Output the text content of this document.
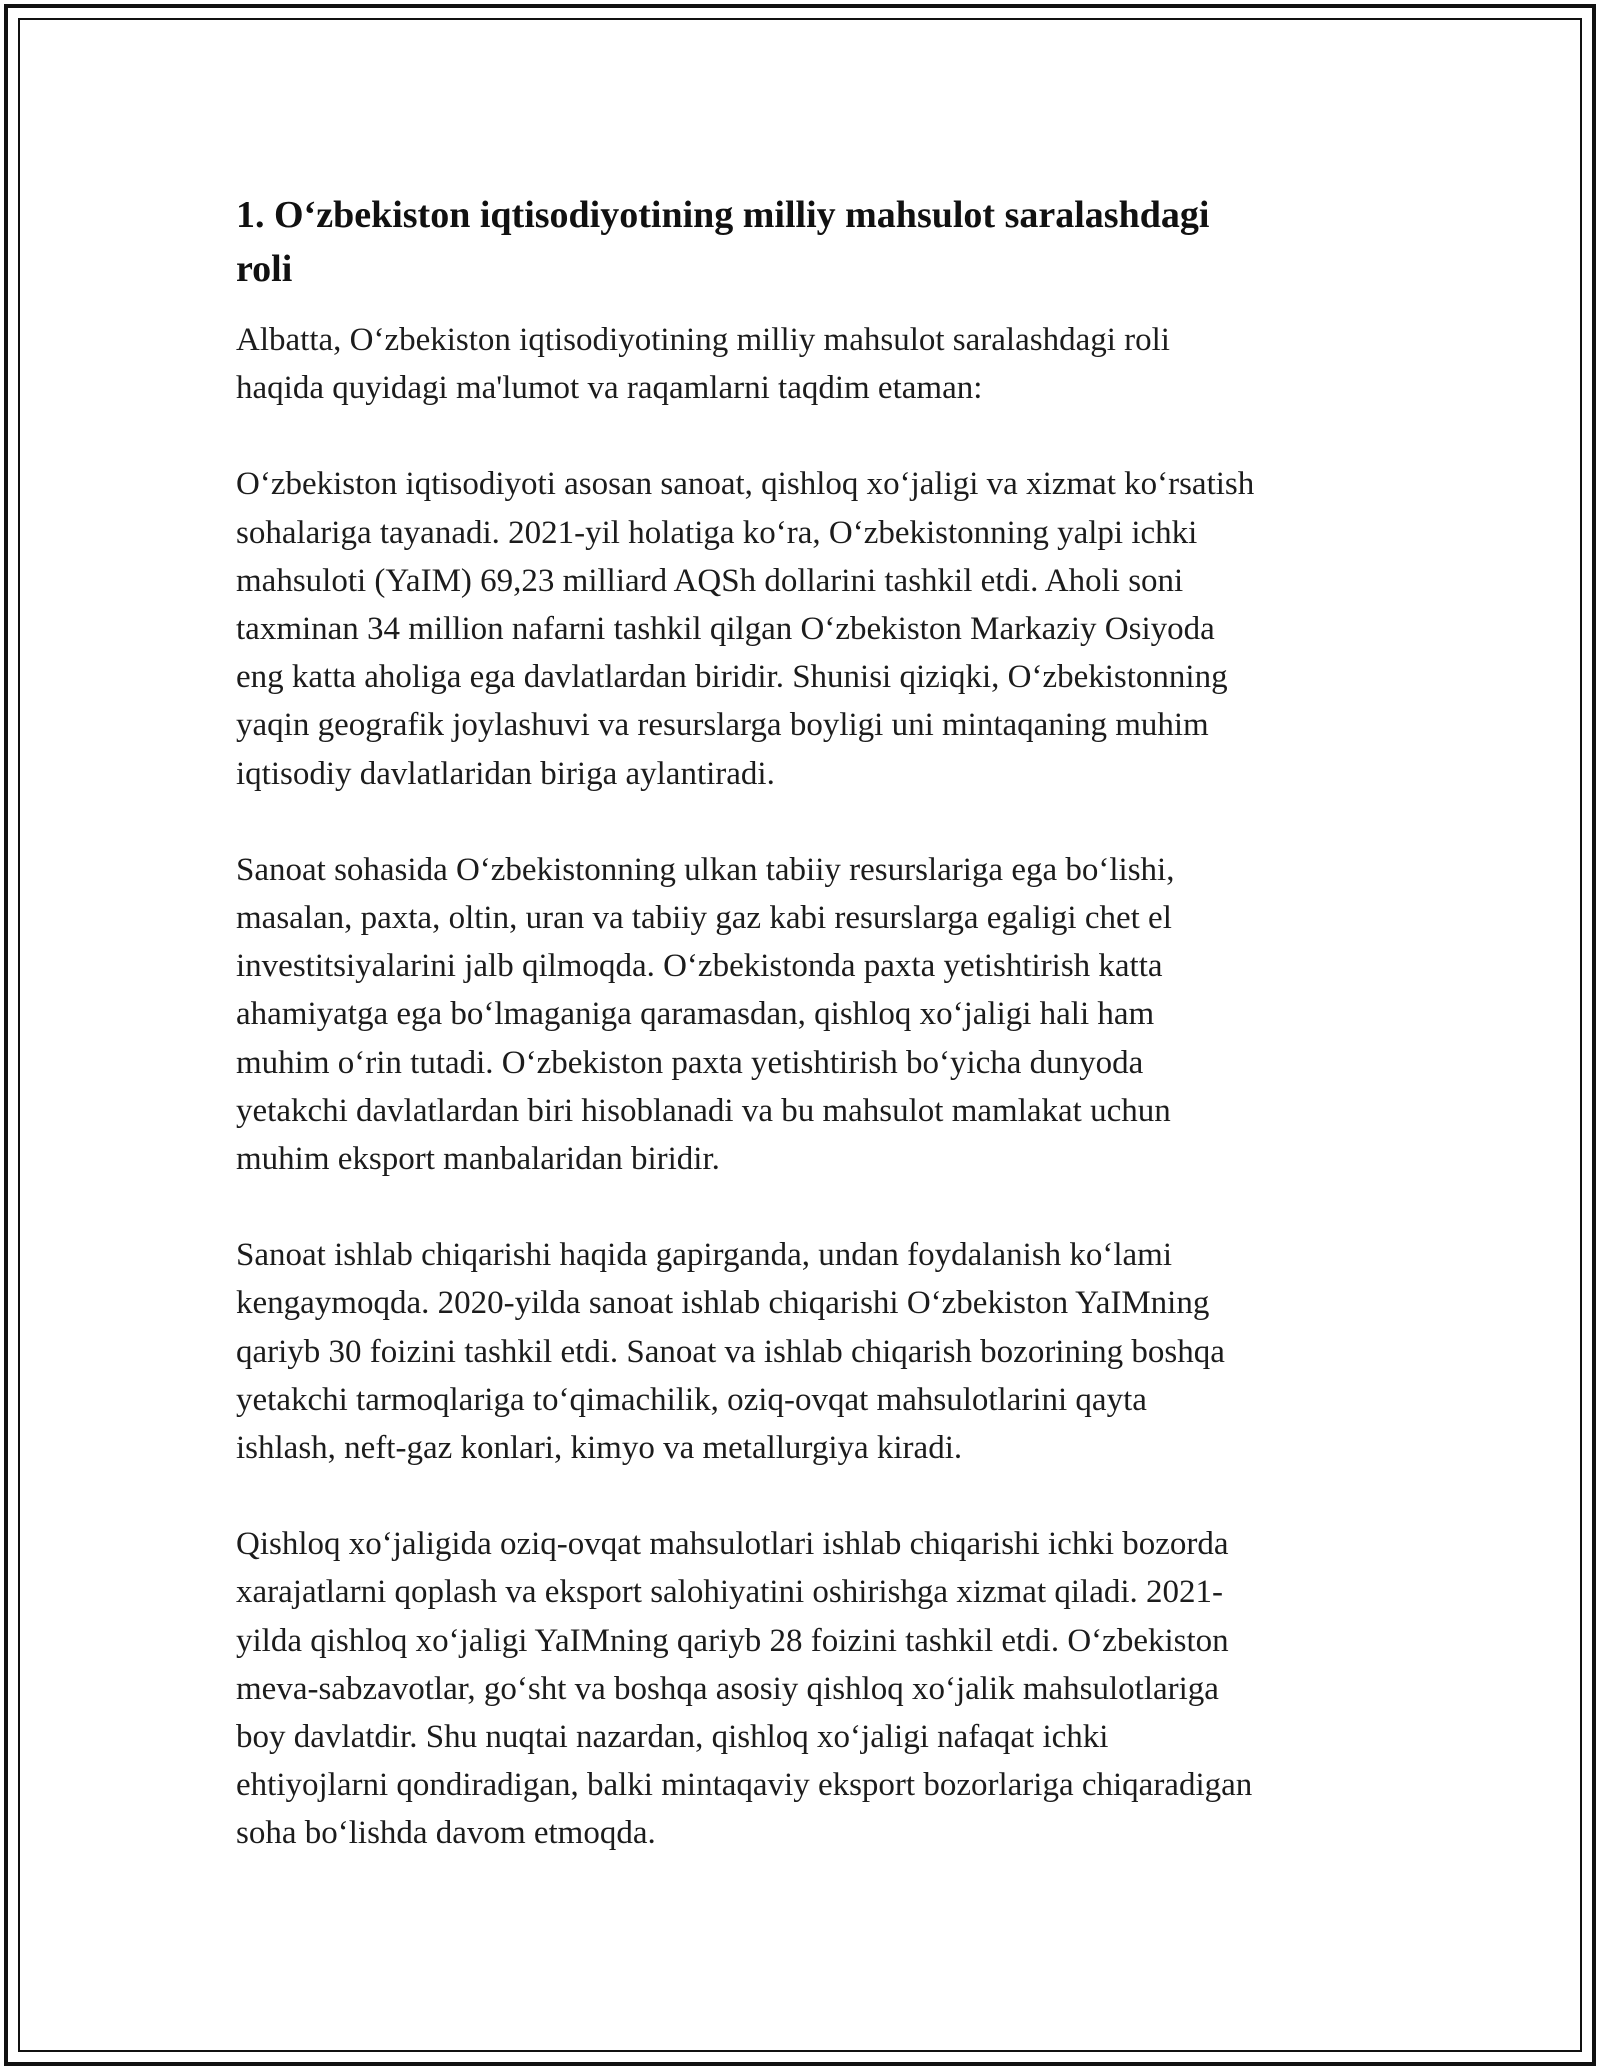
1. O‘zbekiston iqtisodiyotining milliy mahsulot saralashdagi
roli

Albatta, O‘zbekiston iqtisodiyotining milliy mahsulot saralashdagi roli
haqida quyidagi ma'lumot va raqamlarni taqdim etaman:

O‘zbekiston iqtisodiyoti asosan sanoat, qishloq xo‘jaligi va xizmat ko‘rsatish
sohalariga tayanadi. 2021-yil holatiga ko‘ra, O‘zbekistonning yalpi ichki
mahsuloti (YaIM) 69,23 milliard AQSh dollarini tashkil etdi. Aholi soni
taxminan 34 million nafarni tashkil qilgan O‘zbekiston Markaziy Osiyoda
eng katta aholiga ega davlatlardan biridir. Shunisi qiziqki, O‘zbekistonning
yaqin geografik joylashuvi va resurslarga boyligi uni mintaqaning muhim
iqtisodiy davlatlaridan biriga aylantiradi.

Sanoat sohasida O‘zbekistonning ulkan tabiiy resurslariga ega bo‘lishi,
masalan, paxta, oltin, uran va tabiiy gaz kabi resurslarga egaligi chet el
investitsiyalarini jalb qilmoqda. O‘zbekistonda paxta yetishtirish katta
ahamiyatga ega bo‘lmaganiga qaramasdan, qishloq xo‘jaligi hali ham
muhim o‘rin tutadi. O‘zbekiston paxta yetishtirish bo‘yicha dunyoda
yetakchi davlatlardan biri hisoblanadi va bu mahsulot mamlakat uchun
muhim eksport manbalaridan biridir.

Sanoat ishlab chiqarishi haqida gapirganda, undan foydalanish ko‘lami
kengaymoqda. 2020-yilda sanoat ishlab chiqarishi O‘zbekiston YaIMning
qariyb 30 foizini tashkil etdi. Sanoat va ishlab chiqarish bozorining boshqa
yetakchi tarmoqlariga to‘qimachilik, oziq-ovqat mahsulotlarini qayta
ishlash, neft-gaz konlari, kimyo va metallurgiya kiradi.

Qishloq xo‘jaligida oziq-ovqat mahsulotlari ishlab chiqarishi ichki bozorda
xarajatlarni qoplash va eksport salohiyatini oshirishga xizmat qiladi. 2021-
yilda qishloq xo‘jaligi YaIMning qariyb 28 foizini tashkil etdi. O‘zbekiston
meva-sabzavotlar, go‘sht va boshqa asosiy qishloq xo‘jalik mahsulotlariga
boy davlatdir. Shu nuqtai nazardan, qishloq xo‘jaligi nafaqat ichki
ehtiyojlarni qondiradigan, balki mintaqaviy eksport bozorlariga chiqaradigan
soha bo‘lishda davom etmoqda.
